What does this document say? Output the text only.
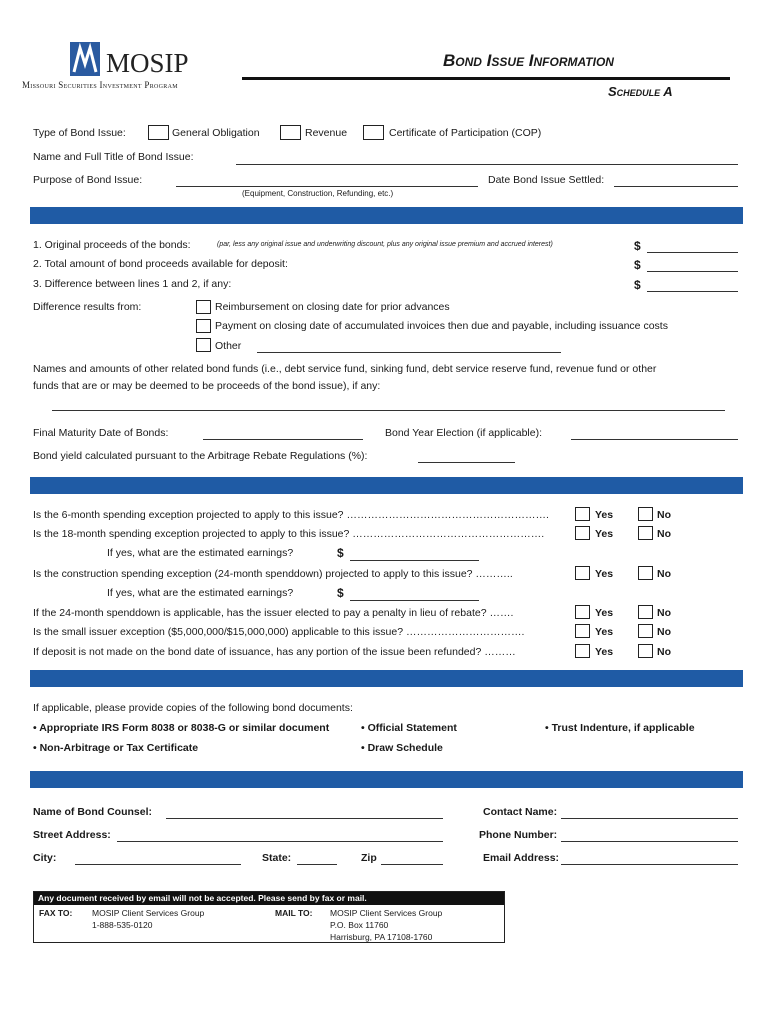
MOSIP
Missouri Securities Investment Program
Bond Issue Information
Schedule A
Type of Bond Issue:	General Obligation	Revenue	Certificate of Participation (COP)
Name and Full Title of Bond Issue:
Purpose of Bond Issue:
(Equipment, Construction, Refunding, etc.)
Date Bond Issue Settled:
1. Original proceeds of the bonds:	(par, less any original issue and underwriting discount, plus any original issue premium and accrued interest)	$
2. Total amount of bond proceeds available for deposit:	$
3. Difference between lines 1 and 2, if any:	$
Difference results from:	Reimbursement on closing date for prior advances
Payment on closing date of accumulated invoices then due and payable, including issuance costs
Other
Names and amounts of other related bond funds (i.e., debt service fund, sinking fund, debt service reserve fund, revenue fund or other
funds that are or may be deemed to be proceeds of the bond issue), if any:
Final Maturity Date of Bonds:	Bond Year Election (if applicable):
Bond yield calculated pursuant to the Arbitrage Rebate Regulations (%):
Is the 6-month spending exception projected to apply to this issue? ………………………………………………….	Yes	No
Is the 18-month spending exception projected to apply to this issue? ……………………………………………….	Yes	No
If yes, what are the estimated earnings?	$
Is the construction spending exception (24-month spenddown) projected to apply to this issue? ………..	Yes	No
If yes, what are the estimated earnings?	$
If the 24-month spenddown is applicable, has the issuer elected to pay a penalty in lieu of rebate? …….	Yes	No
Is the small issuer exception ($5,000,000/$15,000,000) applicable to this issue? …………………………….	Yes	No
If deposit is not made on the bond date of issuance, has any portion of the issue been refunded? ………	Yes	No
If applicable, please provide copies of the following bond documents:
• Appropriate IRS Form 8038 or 8038-G or similar document	• Official Statement	• Trust Indenture, if applicable
• Non-Arbitrage or Tax Certificate	• Draw Schedule
Name of Bond Counsel:	Contact Name:
Street Address:	Phone Number:
City:	State:	Zip	Email Address:
Any document received by email will not be accepted. Please send by fax or mail.
FAX TO: MOSIP Client Services Group
1-888-535-0120
MAIL TO: MOSIP Client Services Group
P.O. Box 11760
Harrisburg, PA 17108-1760
